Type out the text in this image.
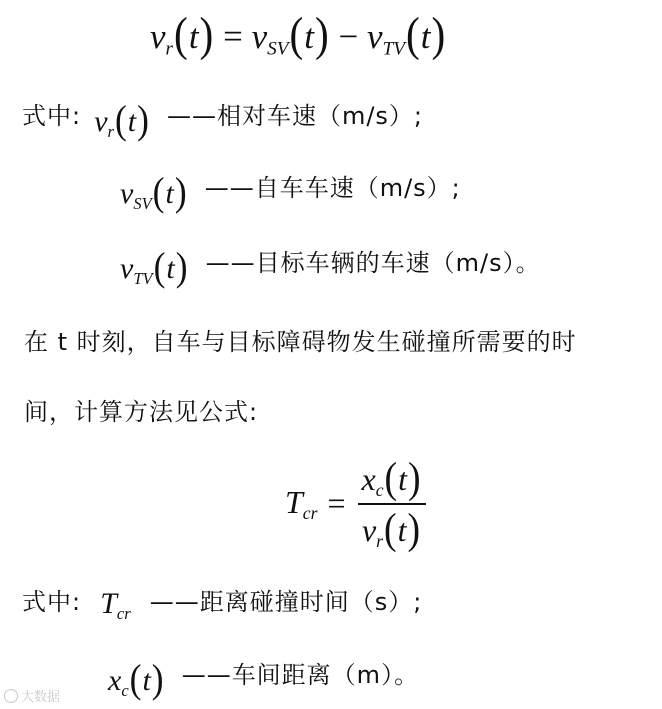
$v_r(t) = v_{SV}(t) - v_{TV}(t)$
式中: $v_r(t)$ ——相对车速（m/s）;
$v_{SV}(t)$ ——自车车速（m/s）;
$v_{TV}(t)$ ——目标车辆的车速（m/s）。
在 t 时刻，自车与目标障碍物发生碰撞所需要的时
间，计算方法见公式:
$T_{cr} = \frac{x_c(t)}{v_r(t)}$
式中: $T_{cr}$ ——距离碰撞时间（s）;
$x_c(t)$ ——车间距离（m）。
大数据
